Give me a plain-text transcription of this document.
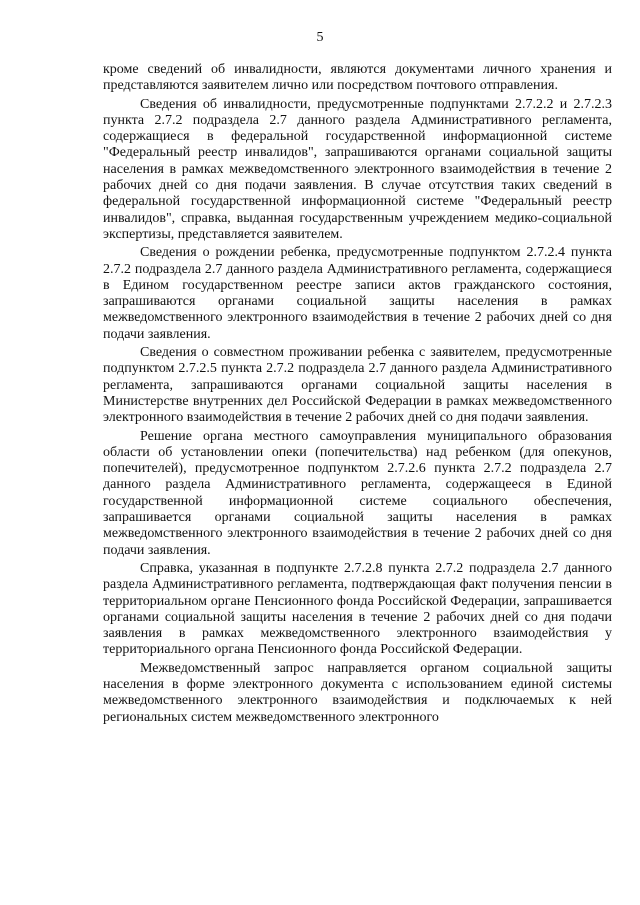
5

кроме сведений об инвалидности, являются документами личного хранения и представляются заявителем лично или посредством почтового отправления.

Сведения об инвалидности, предусмотренные подпунктами 2.7.2.2 и 2.7.2.3 пункта 2.7.2 подраздела 2.7 данного раздела Административного регламента, содержащиеся в федеральной государственной информационной системе "Федеральный реестр инвалидов", запрашиваются органами социальной защиты населения в рамках межведомственного электронного взаимодействия в течение 2 рабочих дней со дня подачи заявления. В случае отсутствия таких сведений в федеральной государственной информационной системе "Федеральный реестр инвалидов", справка, выданная государственным учреждением медико-социальной экспертизы, представляется заявителем.

Сведения о рождении ребенка, предусмотренные подпунктом 2.7.2.4 пункта 2.7.2 подраздела 2.7 данного раздела Административного регламента, содержащиеся в Едином государственном реестре записи актов гражданского состояния, запрашиваются органами социальной защиты населения в рамках межведомственного электронного взаимодействия в течение 2 рабочих дней со дня подачи заявления.

Сведения о совместном проживании ребенка с заявителем, предусмотренные подпунктом 2.7.2.5 пункта 2.7.2 подраздела 2.7 данного раздела Административного регламента, запрашиваются органами социальной защиты населения в Министерстве внутренних дел Российской Федерации в рамках межведомственного электронного взаимодействия в течение 2 рабочих дней со дня подачи заявления.

Решение органа местного самоуправления муниципального образования области об установлении опеки (попечительства) над ребенком (для опекунов, попечителей), предусмотренное подпунктом 2.7.2.6 пункта 2.7.2 подраздела 2.7 данного раздела Административного регламента, содержащееся в Единой государственной информационной системе социального обеспечения, запрашивается органами социальной защиты населения в рамках межведомственного электронного взаимодействия в течение 2 рабочих дней со дня подачи заявления.

Справка, указанная в подпункте 2.7.2.8 пункта 2.7.2 подраздела 2.7 данного раздела Административного регламента, подтверждающая факт получения пенсии в территориальном органе Пенсионного фонда Российской Федерации, запрашивается органами социальной защиты населения в течение 2 рабочих дней со дня подачи заявления в рамках межведомственного электронного взаимодействия у территориального органа Пенсионного фонда Российской Федерации.

Межведомственный запрос направляется органом социальной защиты населения в форме электронного документа с использованием единой системы межведомственного электронного взаимодействия и подключаемых к ней региональных систем межведомственного электронного
